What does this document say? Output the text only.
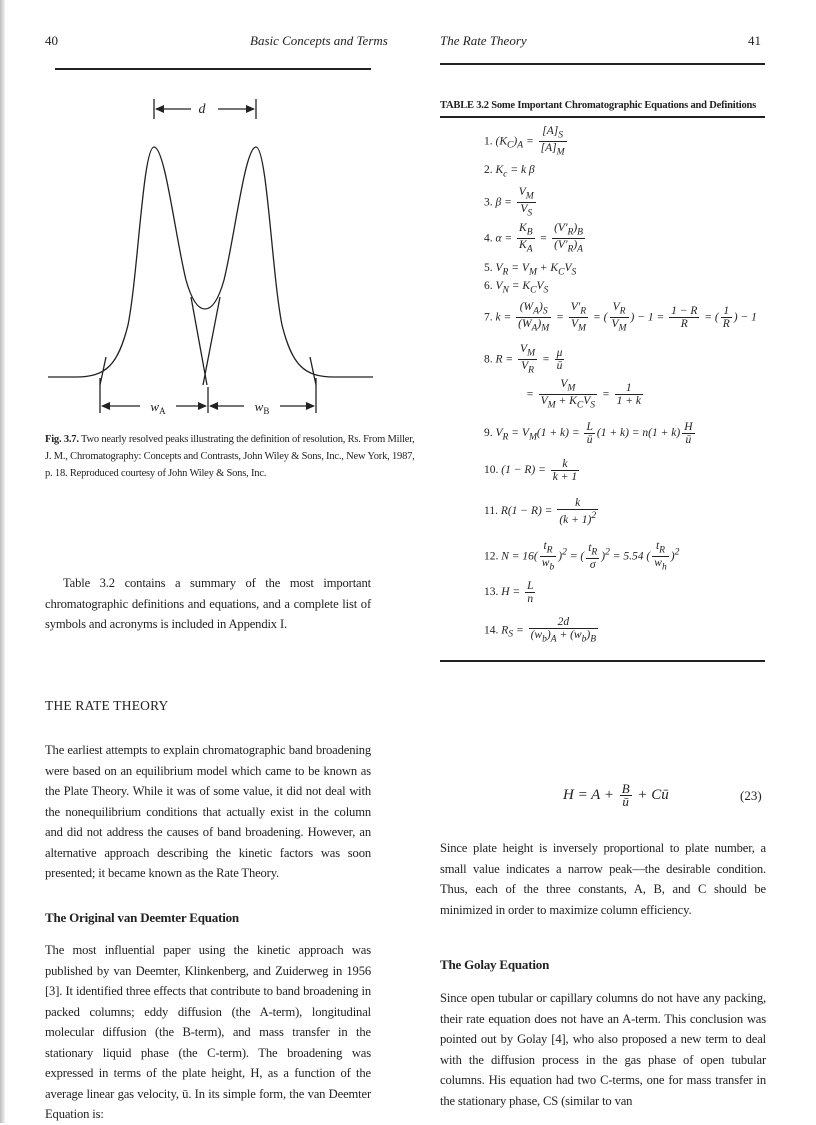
40	Basic Concepts and Terms	The Rate Theory	41
d
$w_A$	$w_B$
Fig. 3.7. Two nearly resolved peaks illustrating the definition of resolution, Rs. From Miller,
J. M., Chromatography: Concepts and Contrasts, John Wiley & Sons, Inc., New York, 1987,
p. 18. Reproduced courtesy of John Wiley & Sons, Inc.
Table 3.2 contains a summary of the most important chromatographic definitions and equations, and a complete list of symbols and acronyms is included in Appendix I.
THE RATE THEORY
The earliest attempts to explain chromatographic band broadening were based on an equilibrium model which came to be known as the Plate Theory. While it was of some value, it did not deal with the nonequilibrium conditions that actually exist in the column and did not address the causes of band broadening. However, an alternative approach describing the kinetic factors was soon presented; it became known as the Rate Theory.
The Original van Deemter Equation
The most influential paper using the kinetic approach was published by van Deemter, Klinkenberg, and Zuiderweg in 1956 [3]. It identified three effects that contribute to band broadening in packed columns; eddy diffusion (the A-term), longitudinal molecular diffusion (the B-term), and mass transfer in the stationary liquid phase (the C-term). The broadening was expressed in terms of the plate height, H, as a function of the average linear gas velocity, ū. In its simple form, the van Deemter Equation is:
TABLE 3.2 Some Important Chromatographic Equations and Definitions
1. $(K_C)_A = \frac{[A]_S}{[A]_M}$
2. $K_c = k$ β
3. $\beta = \frac{V_M}{V_S}$
4. $\alpha = \frac{K_B}{K_A} = \frac{(V'_R)_B}{(V'_R)_A}$
5. $V_R = V_M + K_CV_S$
6. $V_N = K_CV_S$
7. $k = \frac{(W_A)_S}{(W_A)_M} = \frac{V'_R}{V_M}$ = ( $\frac{V_R}{V_M}$ ) − $1 = \frac{1 - R}{R}$ = ( $\frac{1}{R}$ ) − 1
8. $R = \frac{V_M}{V_R} = \frac{\mu}{ū}$
= $\frac{V_M}{V_M + K_CV_S} = \frac{1}{1 + k}$
9. $V_R = V_M(1 + k) = \frac{L}{ū} (1 + k) = n(1 + k) \frac{H}{ū}$
10. $(1 - R) = \frac{k}{k + 1}$
11. $R(1 - R) = \frac{k}{(k + 1)^2}$
12. $N = 16( \frac{t_R}{w_b} )^2$ = ( $\frac{t_R}{\sigma} )^2 = 5.54$ ( $\frac{t_R}{w_h} )^2$
13. $H = \frac{L}{n}$
14. $R_S = \frac{2d}{(w_b)_A + (w_b)_B}$
$H = A + \frac{B}{ū}$ + Cū	(23)
Since plate height is inversely proportional to plate number, a small value indicates a narrow peak—the desirable condition. Thus, each of the three constants, A, B, and C should be minimized in order to maximize column efficiency.
The Golay Equation
Since open tubular or capillary columns do not have any packing, their rate equation does not have an A-term. This conclusion was pointed out by Golay [4], who also proposed a new term to deal with the diffusion process in the gas phase of open tubular columns. His equation had two C-terms, one for mass transfer in the stationary phase, CS (similar to van
